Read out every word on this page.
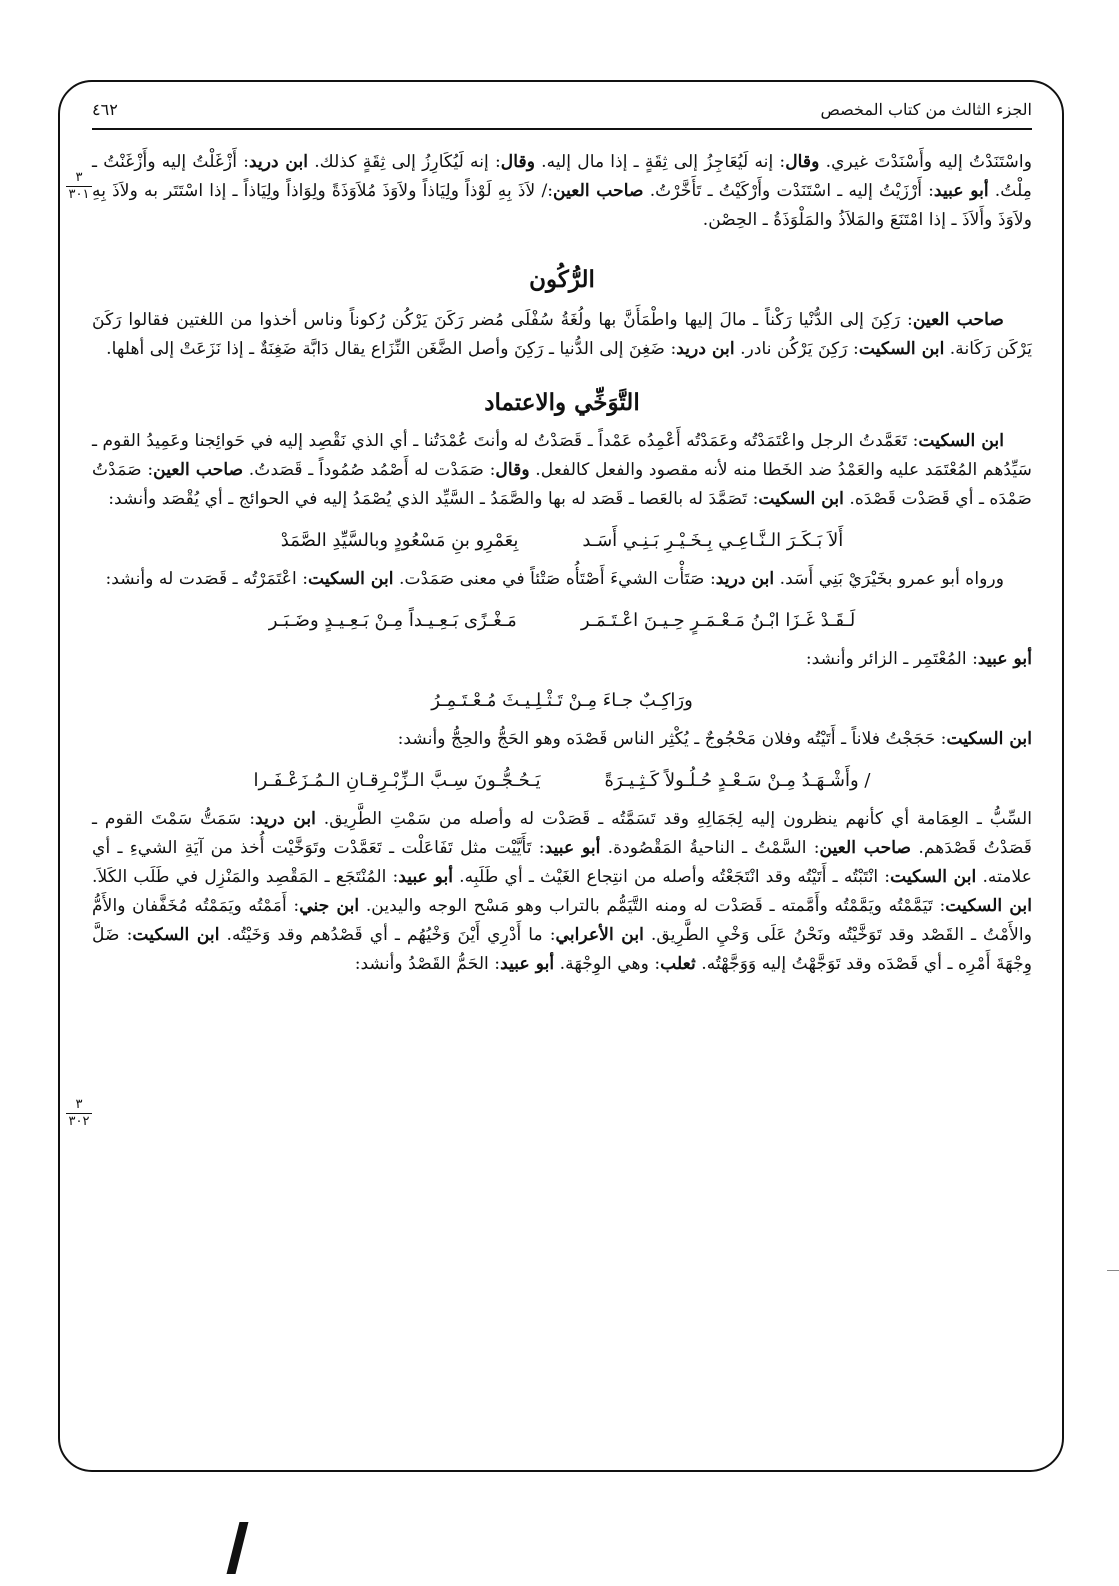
الجزء الثالث من كتاب المخصص
٤٦٢
٣
٣٠١
٣
٣٠٢

واسْتَنَدْتُ إليه وأَسْنَدْتَ غيري. وقال: إنه لَيُعَاجِزُ إلى ثِقَةٍ ـ إذا مال إليه. وقال: إنه لَيُكَارِزُ إلى ثِقَةٍ كذلك. ابن دريد: أَزْغَلْتُ إليه وأَزْغَنْتُ ـ مِلْتُ. أبو عبيد: أَرْزَيْتُ إليه ـ اسْتَنَدْت وأَرْكَيْتُ ـ تَأَخَّرْتُ. صاحب العين:/ لاَذَ بِهِ لَوْذاً ولِيَاذاً ولاَوَذَ مُلاَوَذَةً ولِوَاذاً ولِيَاذاً ـ إذا اسْتَتَر به ولاَذَ بِهِ ولاَوَذَ وأَلاَذَ ـ إذا امْتَنَعَ والمَلاَذُ والمَلْوَذَةُ ـ الحِصْن.

الرُّكُون

صاحب العين: رَكِنَ إلى الدُّنْيا رَكْناً ـ مالَ إليها واطْمَأَنَّ بها ولُغَةُ سُفْلَى مُضر رَكَنَ يَرْكُن رُكوناً وناس أخذوا من اللغتين فقالوا رَكَنَ يَرْكَن رَكَانة. ابن السكيت: رَكِنَ يَرْكُن نادر. ابن دريد: ضَغِنَ إلى الدُّنيا ـ رَكِنَ وأصل الضَّغَن النِّزَاع يقال دَابَّة ضَغِنَةٌ ـ إذا نَزَعَتْ إلى أهلها.

التَّوَخِّي والاعتماد

ابن السكيت: تَعَمَّدتُ الرجل واعْتَمَدْتُه وعَمَدْتُه أَعْمِدُه عَمْداً ـ قَصَدْتُ له وأنتَ عُمْدَتُنا ـ أي الذي نَقْصِد إليه في حَوائِجنا وعَمِيدُ القوم ـ سَيِّدُهم المُعْتَمَد عليه والعَمْدُ ضد الخَطا منه لأنه مقصود والفعل كالفعل. وقال: صَمَدْت له أَصْمُد صُمُوداً ـ قَصَدتُ. صاحب العين: صَمَدْتُ صَمْدَه ـ أي قَصَدْت قَصْدَه. ابن السكيت: تَصَمَّدَ له بالعَصا ـ قَصَد له بها والصَّمَدُ ـ السَّيِّد الذي يُصْمَدُ إليه في الحوائج ـ أي يُقْصَد وأنشد:

أَلاَ بَـكَـرَ الـنَّـاعِـي بِـخَـيْـرِ بَـنِـي أَسَـد
بِعَمْرِو بنِ مَسْعُودٍ وبالسَّيِّدِ الصَّمَدْ

ورواه أبو عمرو بخَيْرَيْ بَنِي أَسَد. ابن دريد: صَتَأْت الشيءَ أَصْتَأُه صَتْئاً في معنى صَمَدْت. ابن السكيت: اعْتَمَرْتُه ـ قَصَدت له وأنشد:

لَـقَـدْ غَـزَا ابْـنُ مَـعْـمَـرٍ حِـيـنَ اعْـتَـمَـر
مَـغْـزًى بَـعِـيـداً مِـنْ بَـعِـيـدٍ وضَـبَـر

أبو عبيد: المُعْتَمِر ـ الزائر وأنشد:

ورَاكِـبٌ جـاءَ مِـنْ تَـثْـلِـيـثَ مُـعْـتَـمِـرُ

ابن السكيت: حَجَجْتُ فلاناً ـ أَتَيْتُه وفلان مَحْجُوجٌ ـ يُكْثِر الناس قَصْدَه وهو الحَجُّ والحِجُّ وأنشد:

/ وأَشْـهَـدُ مِـنْ سَـعْـدٍ حُـلُـولاً كَـثِـيـرَةً
يَـحُـجُّـونَ سِـبَّ الـزِّبْـرِقـانِ الـمُـزَعْـفَـرا

السِّبُّ ـ العِمَامة أي كأنهم ينظرون إليه لِجَمَالِهِ وقد تَسَمَّتُه ـ قَصَدْت له وأصله من سَمْتِ الطَّرِيق. ابن دريد: سَمَتُّ سَمْتَ القوم ـ قَصَدْتُ قَصْدَهم. صاحب العين: السَّمْتُ ـ الناحيةُ المَقْصُودة. أبو عبيد: تَأَيَّيْت مثل تَفَاعَلْت ـ تَعَمَّدْت وتَوَخَّيْت أُخذ من آيَةِ الشيءِ ـ أي علامته. ابن السكيت: انْتَبْتُه ـ أَتَيْتُه وقد انْتَجَعْتُه وأصله من انتِجاع الغَيْث ـ أي طَلَبِه. أبو عبيد: المُنْتَجَع ـ المَقْصِد والمَنْزِل في طَلَب الكَلاَ. ابن السكيت: تَيَمَّمْتُه ويَمَّمْتُه وأَمَّمته ـ قَصَدْت له ومنه التَّيَمُّم بالتراب وهو مَسْح الوجه واليدين. ابن جني: أَمَمْتُه ويَمَمْتُه مُخَفَّفان والأَمُّ والأَمْتُ ـ القَصْد وقد تَوَخَّيْتُه ونَحْنُ عَلَى وَخْيِ الطَّرِيق. ابن الأعرابي: ما أَدْرِي أَيْنَ وَخْيُهُم ـ أي قَصْدُهم وقد وَخَيْتُه. ابن السكيت: ضَلَّ وِجْهَةَ أَمْرِه ـ أي قَصْدَه وقد تَوَجَّهْتُ إليه وَوَجَّهْتُه. ثعلب: وهي الوِجْهَة. أبو عبيد: الحَمُّ القَصْدُ وأنشد:
